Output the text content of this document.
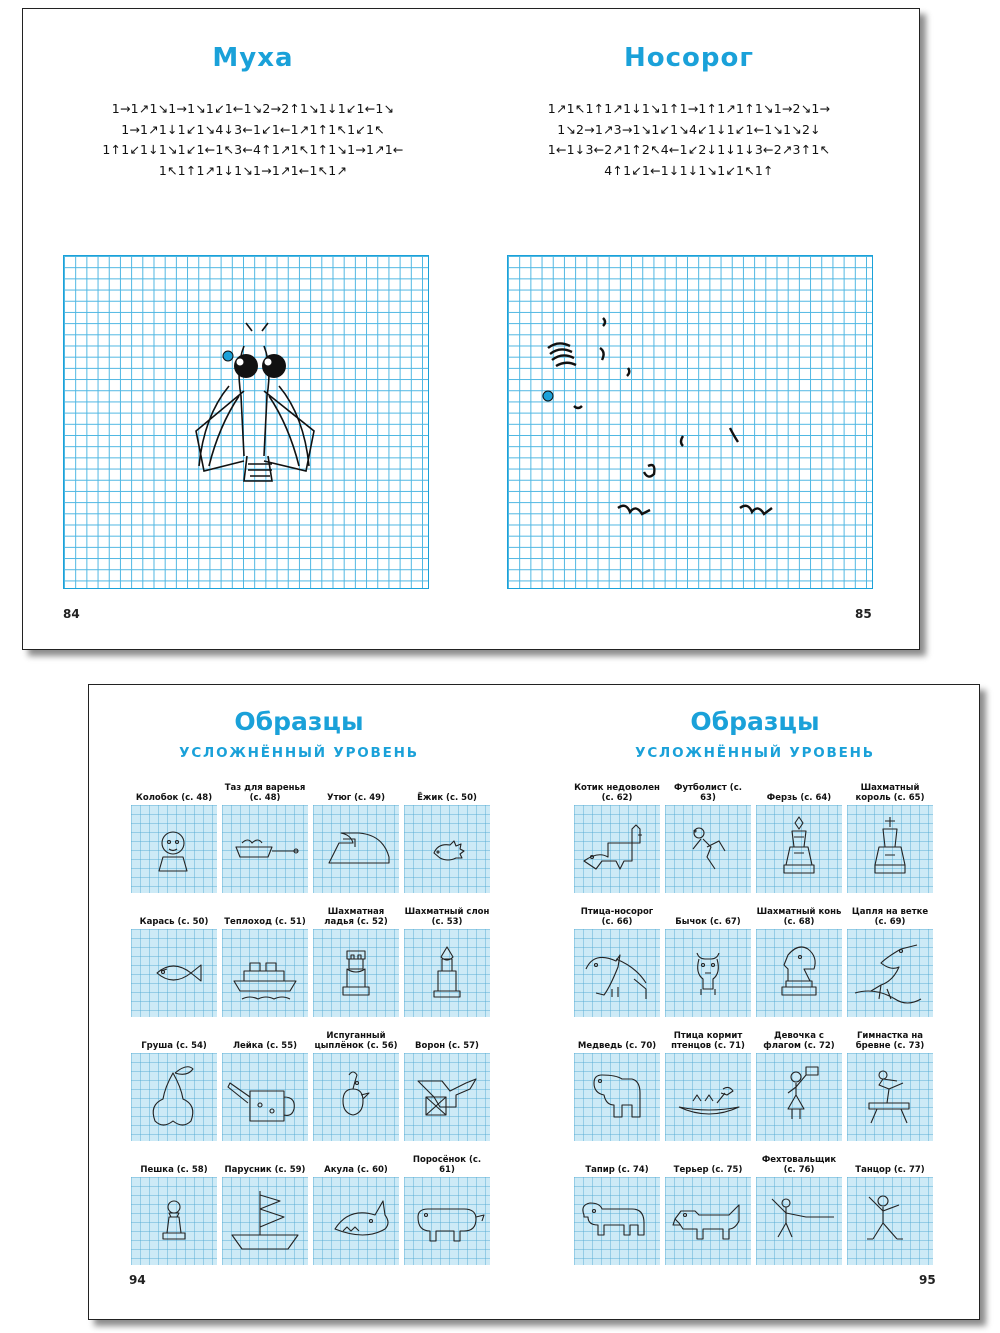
Муха
1→1↗1↘1→1↘1↙1←1↘2→2↑1↘1↓1↙1←1↘
1→1↗1↓1↙1↘4↓3←1↙1←1↗1↑1↖1↙1↖
1↑1↙1↓1↘1↙1←1↖3←4↑1↗1↖1↑1↘1→1↗1←
1↖1↑1↗1↓1↘1→1↗1←1↖1↗
84
Носорог
1↗1↖1↑1↗1↓1↘1↑1→1↑1↗1↑1↘1→2↘1→
1↘2→1↗3→1↘1↙1↘4↙1↓1↙1←1↘1↘2↓
1←1↓3←2↗1↑2↖4←1↙2↓1↓1↓3←2↗3↑1↖
4↑1↙1←1↓1↓1↘1↙1↖1↑
85
Образцы
УСЛОЖНЁННЫЙ УРОВЕНЬ
Образцы
УСЛОЖНЁННЫЙ УРОВЕНЬ
Колобок (с. 48)
Таз для варенья (с. 48)	Утюг (с. 49)	Ёжик (с. 50)
Карась (с. 50) Теплоход (с. 51)
Шахматная ладья (с. 52)
Шахматный слон (с. 53)
Груша (с. 54)	Лейка (с. 55)
Испуганный цыплёнок (с. 56) Ворон (с. 57)
Пешка (с. 58) Парусник (с. 59) Акула (с. 60)
Поросёнок (с. 61)
Котик недоволен (с. 62)
Футболист (с. 63)	Ферзь (с. 64)
Шахматный король (с. 65)
Птица-носорог (с. 66)	Бычок (с. 67)
Шахматный конь (с. 68)
Цапля на ветке (с. 69)
Медведь (с. 70)
Птица кормит птенцов (с. 71)
Девочка с флагом (с. 72)
Гимнастка на бревне (с. 73)
Тапир (с. 74)	Терьер (с. 75)
Фехтовальщик (с. 76)	Танцор (с. 77)
94	95
